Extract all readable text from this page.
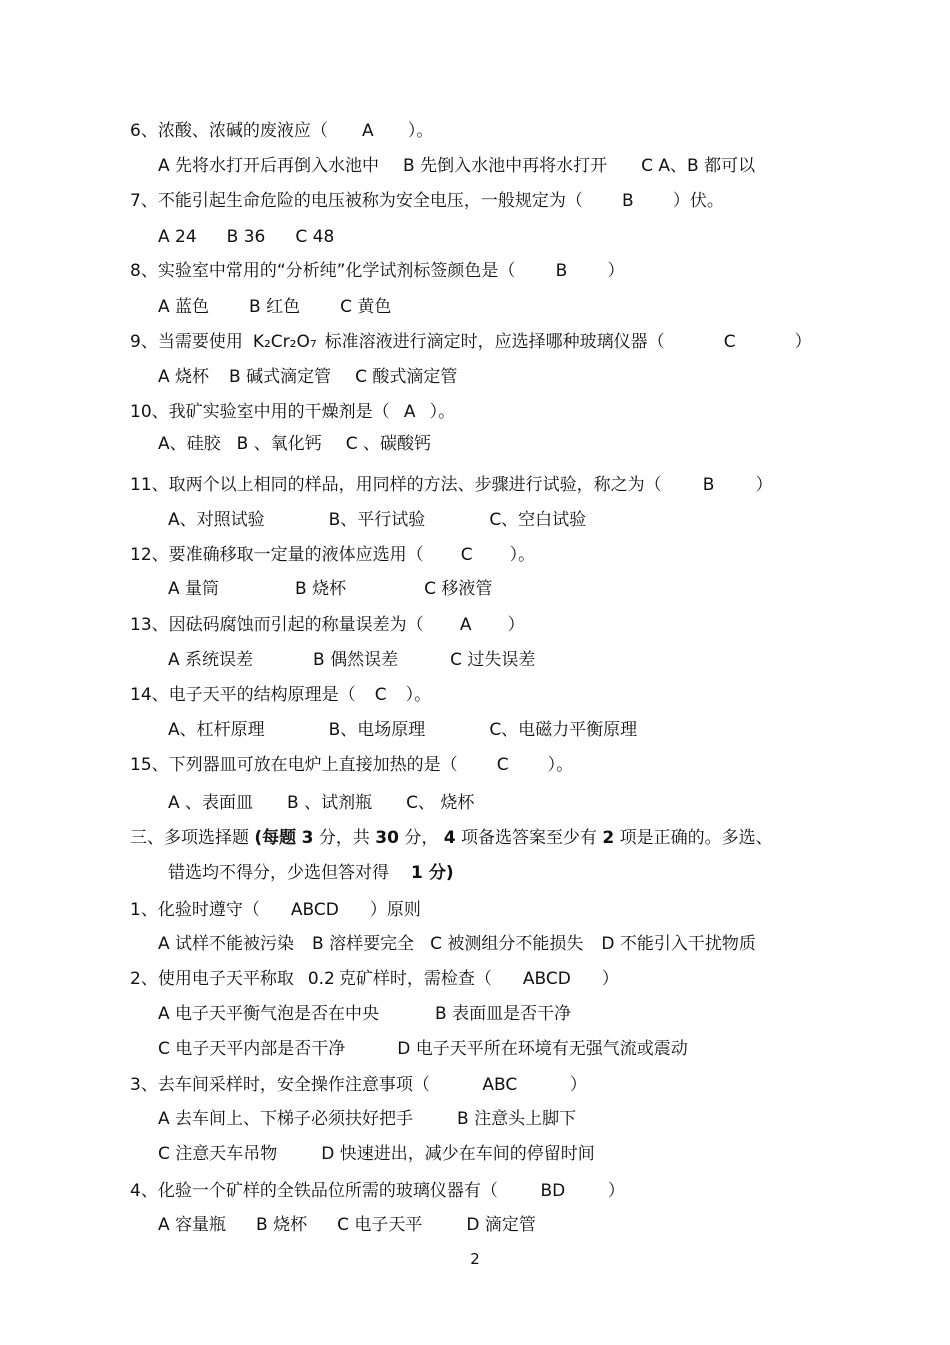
6、浓酸、浓碱的废液应（ A ）。
A 先将水打开后再倒入水池中 B 先倒入水池中再将水打开 C A、B 都可以
7、不能引起生命危险的电压被称为安全电压，一般规定为（ B ）伏。
A 24 B 36 C 48
8、实验室中常用的“分析纯”化学试剂标签颜色是（ B ）
A 蓝色 B 红色 C 黄色
9、当需要使用 K₂Cr₂O₇ 标准溶液进行滴定时，应选择哪种玻璃仪器（	C	）
A 烧杯 B 碱式滴定管 C 酸式滴定管
10、我矿实验室中用的干燥剂是（ A ）。
A、硅胶 B 、氧化钙 C 、碳酸钙
11、取两个以上相同的样品，用同样的方法、步骤进行试验，称之为（ B ）
A、对照试验	B、平行试验	C、空白试验
12、要准确移取一定量的液体应选用（ C ）。
A 量筒	B 烧杯	C 移液管
13、因砝码腐蚀而引起的称量误差为（ A ）
A 系统误差	B 偶然误差	C 过失误差
14、电子天平的结构原理是（ C ）。
A、杠杆原理	B、电场原理	C、电磁力平衡原理
15、下列器皿可放在电炉上直接加热的是（ C ）。
A 、表面皿 B 、试剂瓶 C、 烧杯
三、多项选择题 (每题 3 分，共 30 分， 4 项备选答案至少有 2 项是正确的。多选、
错选均不得分，少选但答对得 1 分)
1、化验时遵守（ ABCD ）原则
A 试样不能被污染 B 溶样要完全 C 被测组分不能损失 D 不能引入干扰物质
2、使用电子天平称取 0.2 克矿样时，需检查（ ABCD ）
A 电子天平衡气泡是否在中央	B 表面皿是否干净
C 电子天平内部是否干净	D 电子天平所在环境有无强气流或震动
3、去车间采样时，安全操作注意事项（	ABC	）
A 去车间上、下梯子必须扶好把手	B 注意头上脚下
C 注意天车吊物	D 快速进出，减少在车间的停留时间
4、化验一个矿样的全铁品位所需的玻璃仪器有（	BD	）
A 容量瓶 B 烧杯 C 电子天平	D 滴定管
2
